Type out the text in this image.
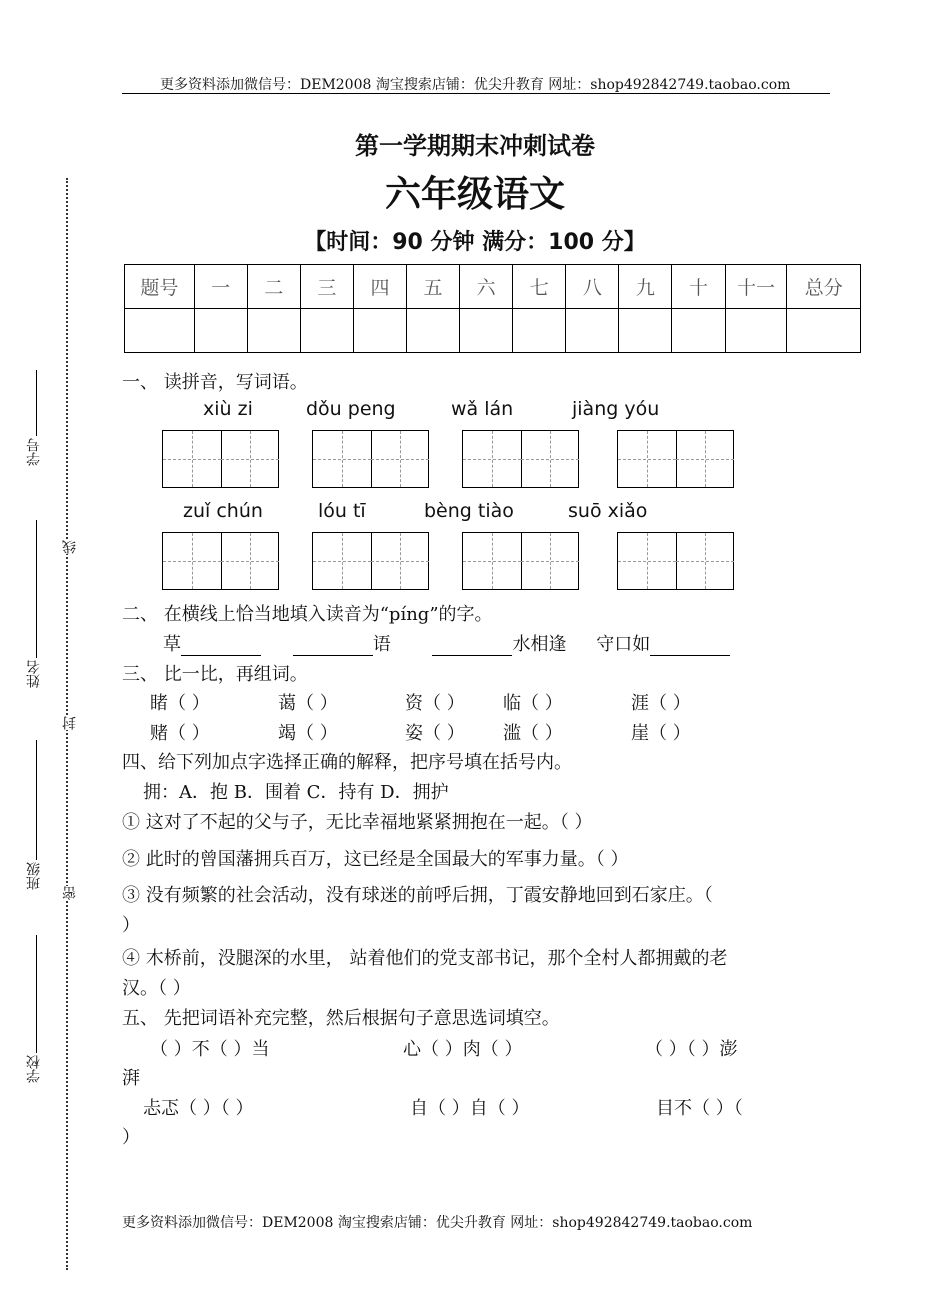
更多资料添加微信号：DEM2008 淘宝搜索店铺：优尖升教育 网址：shop492842749.taobao.com
学号
姓名
班级
学校
线
封
密
第一学期期末冲刺试卷
六年级语文
【时间：90 分钟 满分：100 分】
题号	一	二	三	四	五	六	七	八	九	十	十一	总分

一、 读拼音，写词语。
xiù zi	dǒu peng	wǎ lán	jiàng yóu
zuǐ chún	lóu tī	bèng tiào	suō xiǎo
二、 在横线上恰当地填入读音为“píng”的字。
草	语	水相逢 守口如
三、 比一比，再组词。
睹（ ）	蔼（ ）	资（ ） 临（ ）	涯（ ）
赌（ ）	竭（ ）	姿（ ） 滥（ ）	崖（ ）
四、给下列加点字选择正确的解释，把序号填在括号内。
拥：A．抱 B．围着 C．持有 D．拥护
① 这对了不起的父与子，无比幸福地紧紧拥抱在一起。（ ）
② 此时的曾国藩拥兵百万，这已经是全国最大的军事力量。（ ）
③ 没有频繁的社会活动，没有球迷的前呼后拥，丁霞安静地回到石家庄。（
）
④ 木桥前，没腿深的水里， 站着他们的党支部书记，那个全村人都拥戴的老
汉。（ ）
五、 先把词语补充完整，然后根据句子意思选词填空。
（ ）不（ ）当	心（ ）肉（ ）	（ ）（ ）澎
湃
忐忑（ ）（ ）	自（ ）自（ ）	目不（ ）（
）
更多资料添加微信号：DEM2008 淘宝搜索店铺：优尖升教育 网址：shop492842749.taobao.com
